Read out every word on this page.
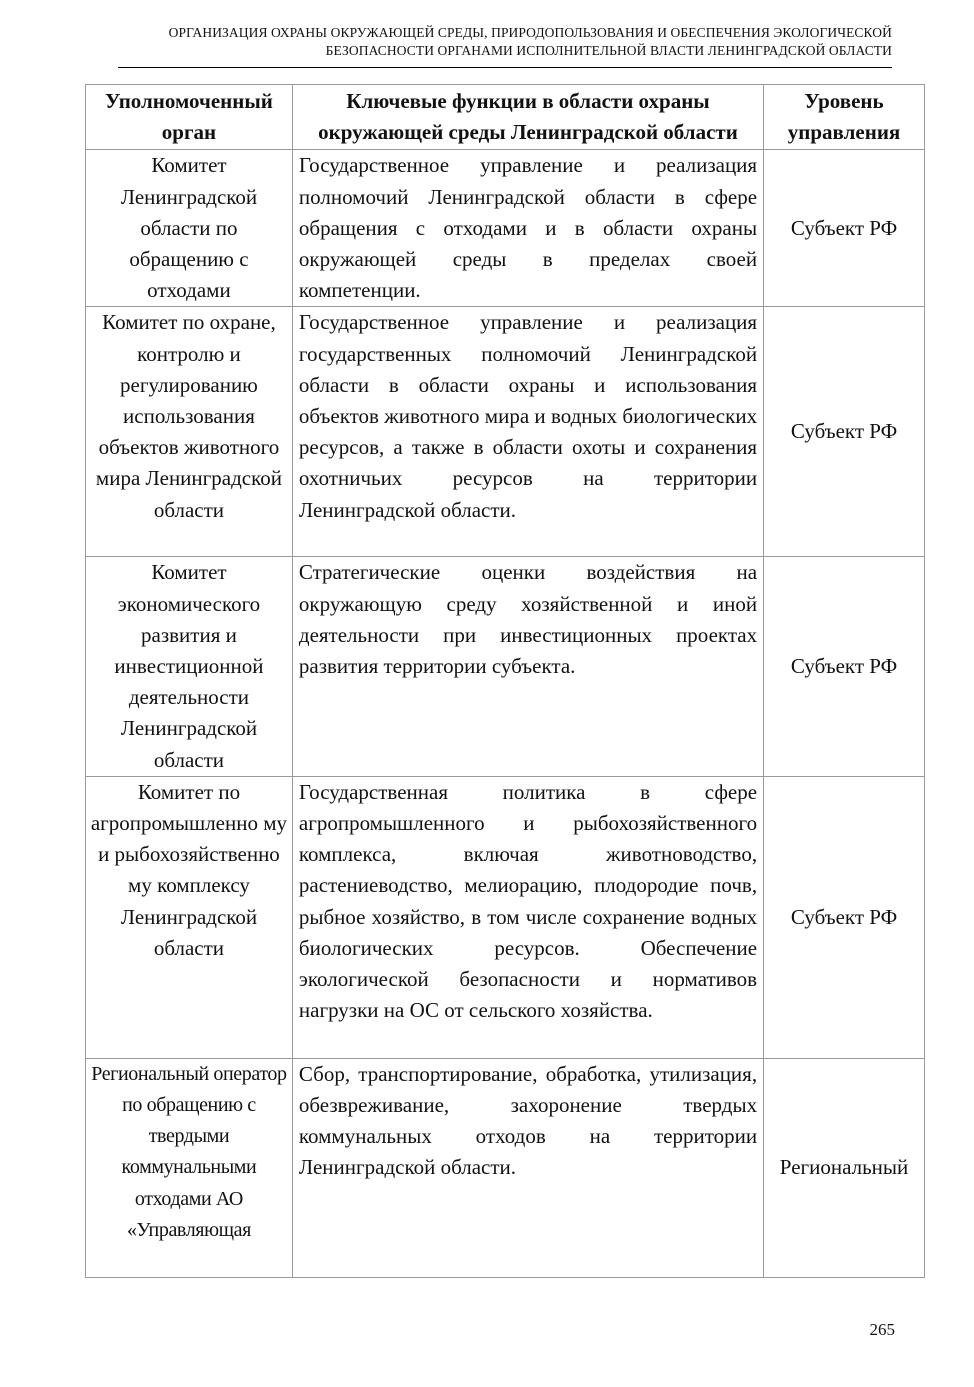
ОРГАНИЗАЦИЯ ОХРАНЫ ОКРУЖАЮЩЕЙ СРЕДЫ, ПРИРОДОПОЛЬЗОВАНИЯ И ОБЕСПЕЧЕНИЯ ЭКОЛОГИЧЕСКОЙ
БЕЗОПАСНОСТИ ОРГАНАМИ ИСПОЛНИТЕЛЬНОЙ ВЛАСТИ ЛЕНИНГРАДСКОЙ ОБЛАСТИ
Уполномоченный орган	Ключевые функции в области охраны окружающей среды Ленинградской области	Уровень управления
Комитет Ленинградской области по обращению с отходами	Государственное управление и реализация полномочий Ленинградской области в сфере обращения с отходами и в области охраны окружающей среды в пределах своей компетенции.	Субъект РФ
Комитет по охране, контролю и регулированию использования объектов животного мира Ленинградской области	Государственное управление и реализация государственных полномочий Ленинградской области в области охраны и использования объектов животного мира и водных биологических ресурсов, а также в области охоты и сохранения охотничьих ресурсов на территории Ленинградской области.	Субъект РФ
Комитет экономического развития и инвестиционной деятельности Ленинградской области	Стратегические оценки воздействия на окружающую среду хозяйственной и иной деятельности при инвестиционных проектах развития территории субъекта.	Субъект РФ
Комитет по агропромышленно му и рыбохозяйственно му комплексу Ленинградской области	Государственная политика в сфере агропромышленного и рыбохозяйственного комплекса, включая животноводство, растениеводство, мелиорацию, плодородие почв, рыбное хозяйство, в том числе сохранение водных биологических ресурсов. Обеспечение экологической безопасности и нормативов нагрузки на ОС от сельского хозяйства.	Субъект РФ
Региональный оператор по обращению с твердыми коммунальными отходами АО «Управляющая	Сбор, транспортирование, обработка, утилизация, обезвреживание, захоронение твердых коммунальных отходов на территории Ленинградской области.	Региональный
265
